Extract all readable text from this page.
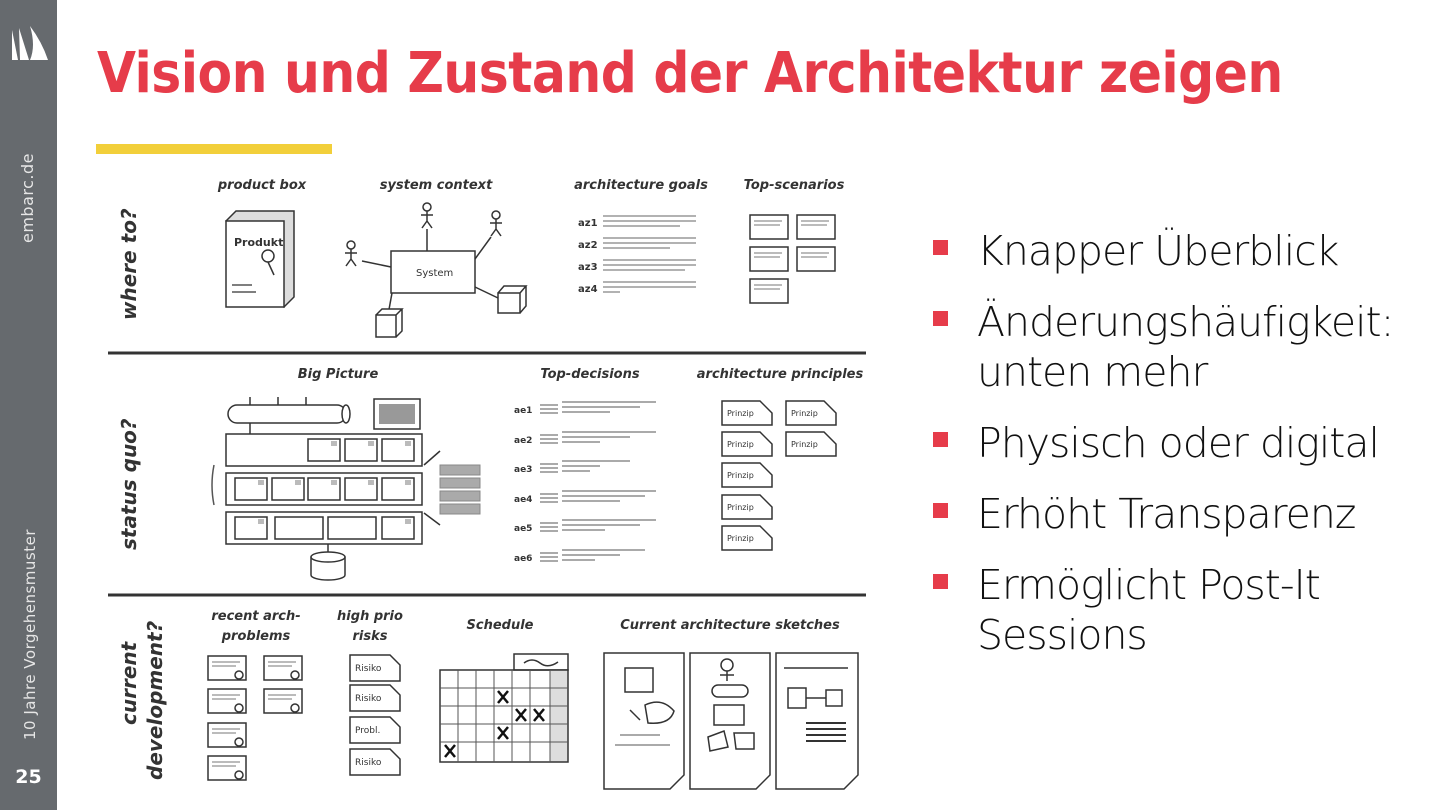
embarc.de
10 Jahre Vorgehensmuster
25
Vision und Zustand der Architektur zeigen
where to?
status quo?
current development?
product box	system context	architecture goals	Top-scenarios
Produkt
System
az1
az2
az3
az4
Big Picture	Top-decisions	architecture principles
ae1
ae2
ae3
ae4
ae5
ae6
Prinzip	Prinzip
Prinzip	Prinzip
Prinzip
Prinzip
Prinzip
recent arch-
problems
high prio
risks
Schedule	Current architecture sketches
Risiko
Risiko
Probl.
Risiko
Knapper Überblick
Änderungshäufigkeit: unten mehr
Physisch oder digital
Erhöht Transparenz
Ermöglicht Post-It Sessions
